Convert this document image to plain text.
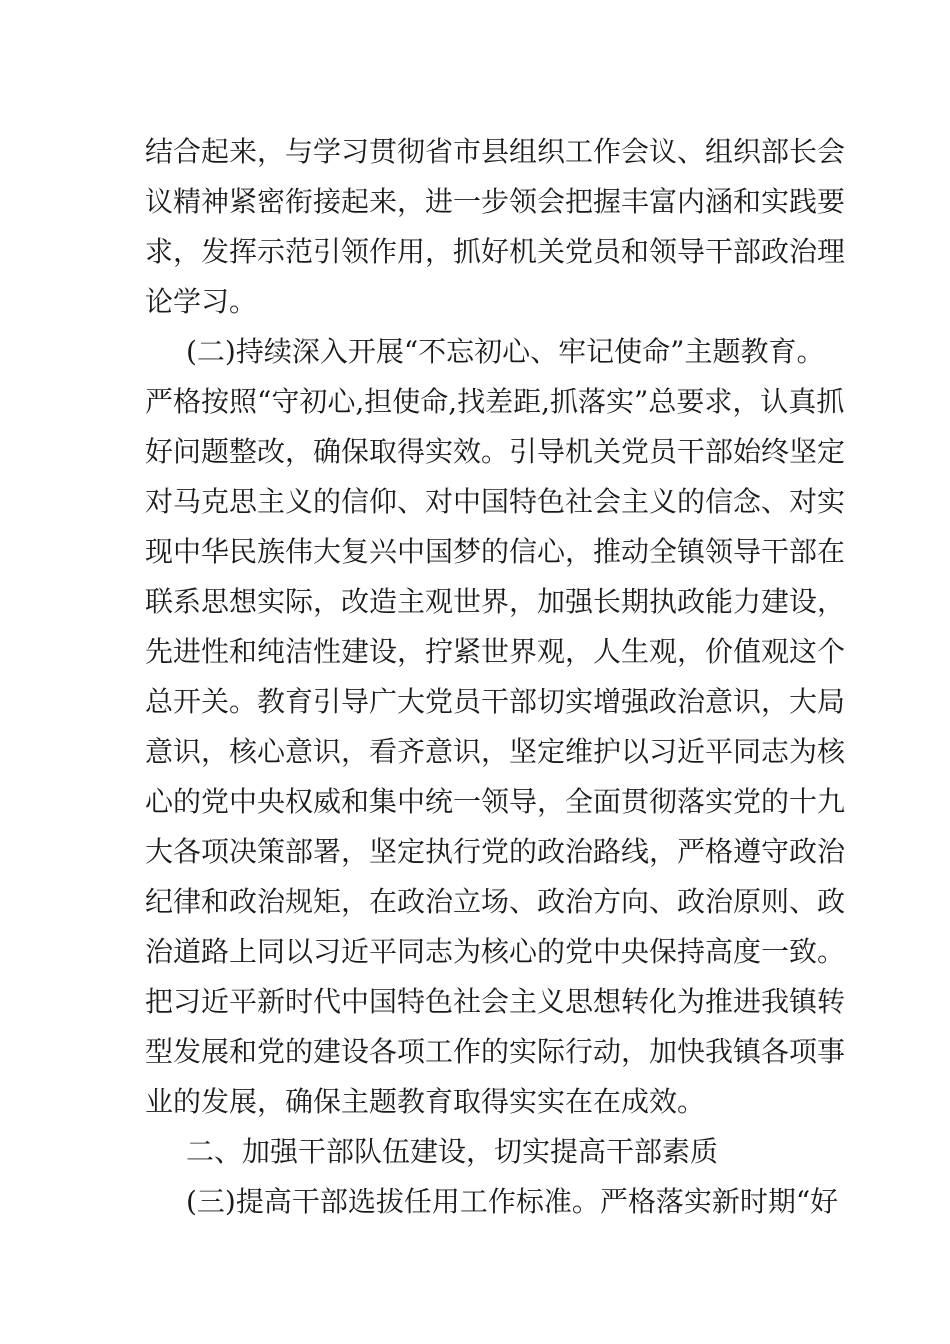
结合起来，与学习贯彻省市县组织工作会议、组织部长会
议精神紧密衔接起来，进一步领会把握丰富内涵和实践要
求，发挥示范引领作用，抓好机关党员和领导干部政治理
论学习。
(二)持续深入开展“不忘初心、牢记使命”主题教育。
严格按照“守初心,担使命,找差距,抓落实”总要求，认真抓
好问题整改，确保取得实效。引导机关党员干部始终坚定
对马克思主义的信仰、对中国特色社会主义的信念、对实
现中华民族伟大复兴中国梦的信心，推动全镇领导干部在
联系思想实际，改造主观世界，加强长期执政能力建设，
先进性和纯洁性建设，拧紧世界观，人生观，价值观这个
总开关。教育引导广大党员干部切实增强政治意识，大局
意识，核心意识，看齐意识，坚定维护以习近平同志为核
心的党中央权威和集中统一领导，全面贯彻落实党的十九
大各项决策部署，坚定执行党的政治路线，严格遵守政治
纪律和政治规矩，在政治立场、政治方向、政治原则、政
治道路上同以习近平同志为核心的党中央保持高度一致。
把习近平新时代中国特色社会主义思想转化为推进我镇转
型发展和党的建设各项工作的实际行动，加快我镇各项事
业的发展，确保主题教育取得实实在在成效。
二、加强干部队伍建设，切实提高干部素质
(三)提高干部选拔任用工作标准。严格落实新时期“好
